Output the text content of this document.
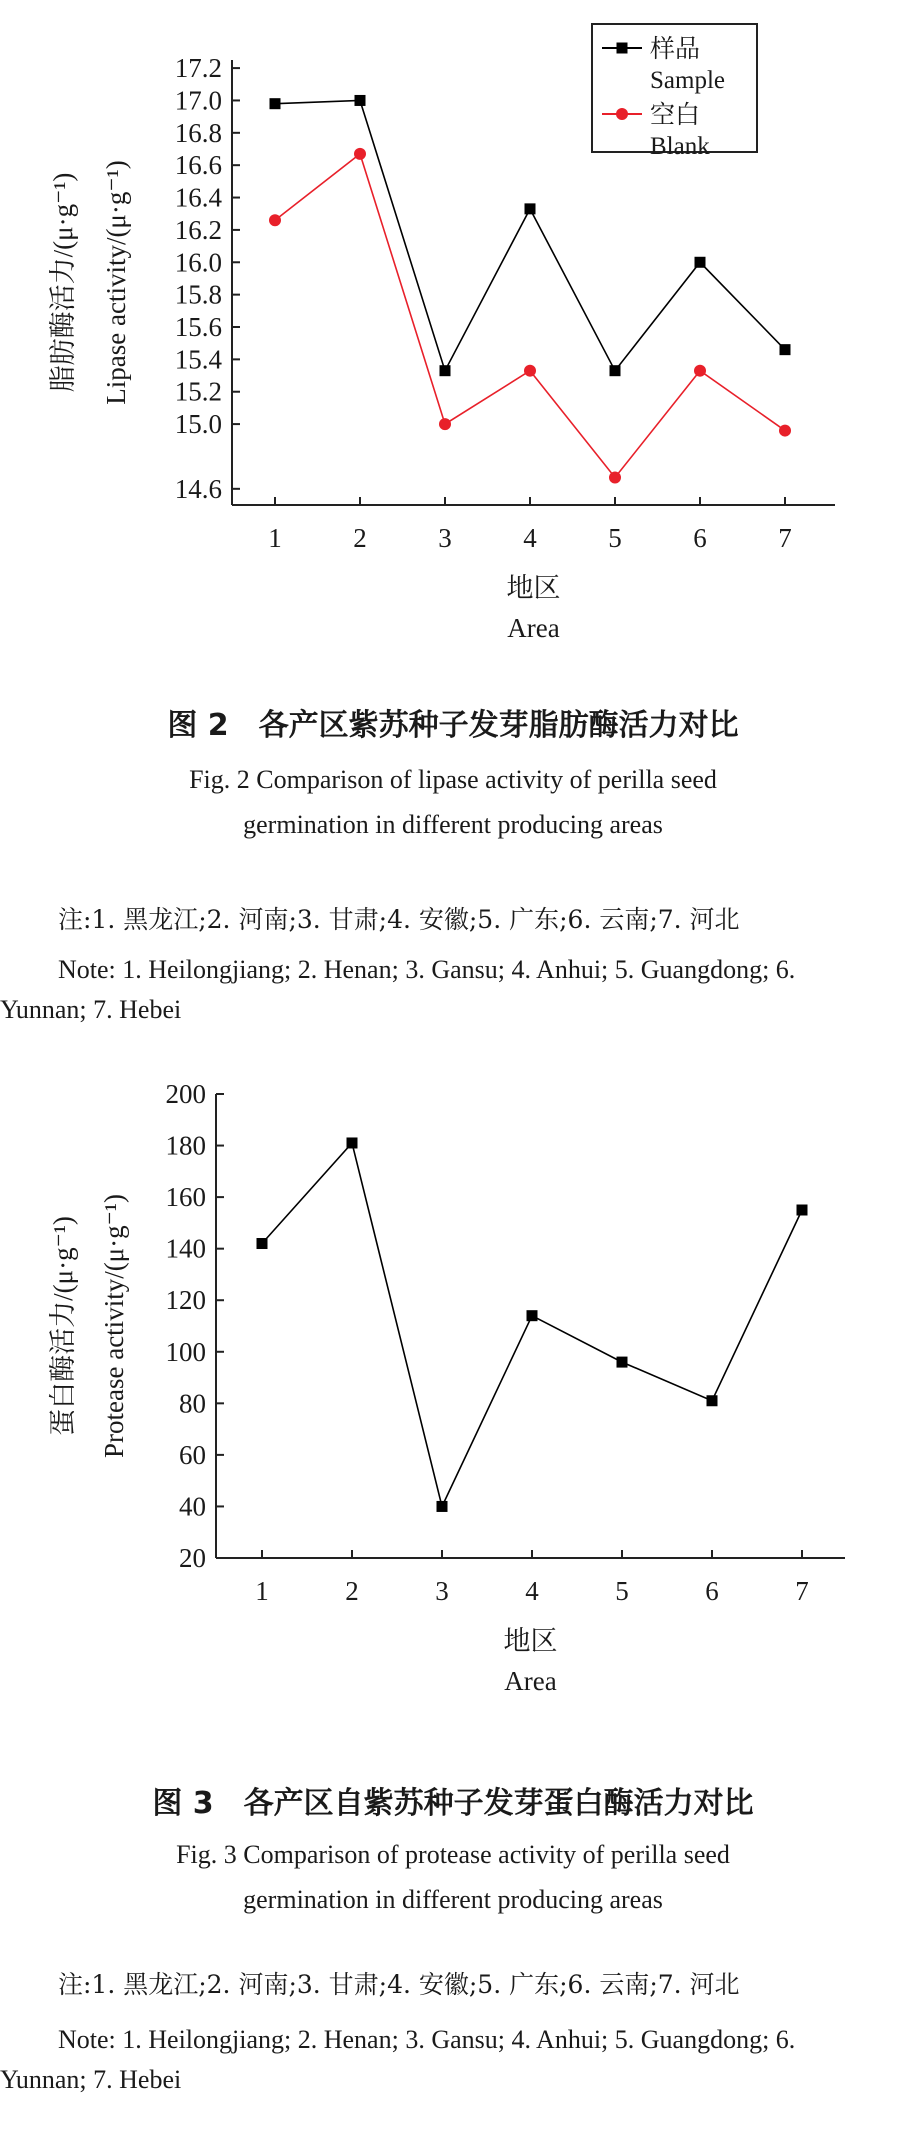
17.2
17.0
16.8
16.6
16.4
16.2
16.0
15.8
15.6
15.4
15.2
15.0
14.6
1	2	3	4	5	6	7
地区
Area
脂肪酶活力/(μ·g⁻¹) Lipase activity/(μ·g⁻¹)
样品
Sample
空白
Blank
图 2　各产区紫苏种子发芽脂肪酶活力对比

Fig. 2 Comparison of lipase activity of perilla seed

germination in different producing areas

注:1. 黑龙江;2. 河南;3. 甘肃;4. 安徽;5. 广东;6. 云南;7. 河北

Note: 1. Heilongjiang; 2. Henan; 3. Gansu; 4. Anhui; 5. Guangdong; 6. Yunnan; 7. Hebei

200
180
160
140
120
100
80
60
40
20
1	2	3	4	5	6	7
地区
Area
蛋白酶活力/(μ·g⁻¹) Protease activity/(μ·g⁻¹)
图 3　各产区自紫苏种子发芽蛋白酶活力对比

Fig. 3 Comparison of protease activity of perilla seed

germination in different producing areas

注:1. 黑龙江;2. 河南;3. 甘肃;4. 安徽;5. 广东;6. 云南;7. 河北

Note: 1. Heilongjiang; 2. Henan; 3. Gansu; 4. Anhui; 5. Guangdong; 6. Yunnan; 7. Hebei
